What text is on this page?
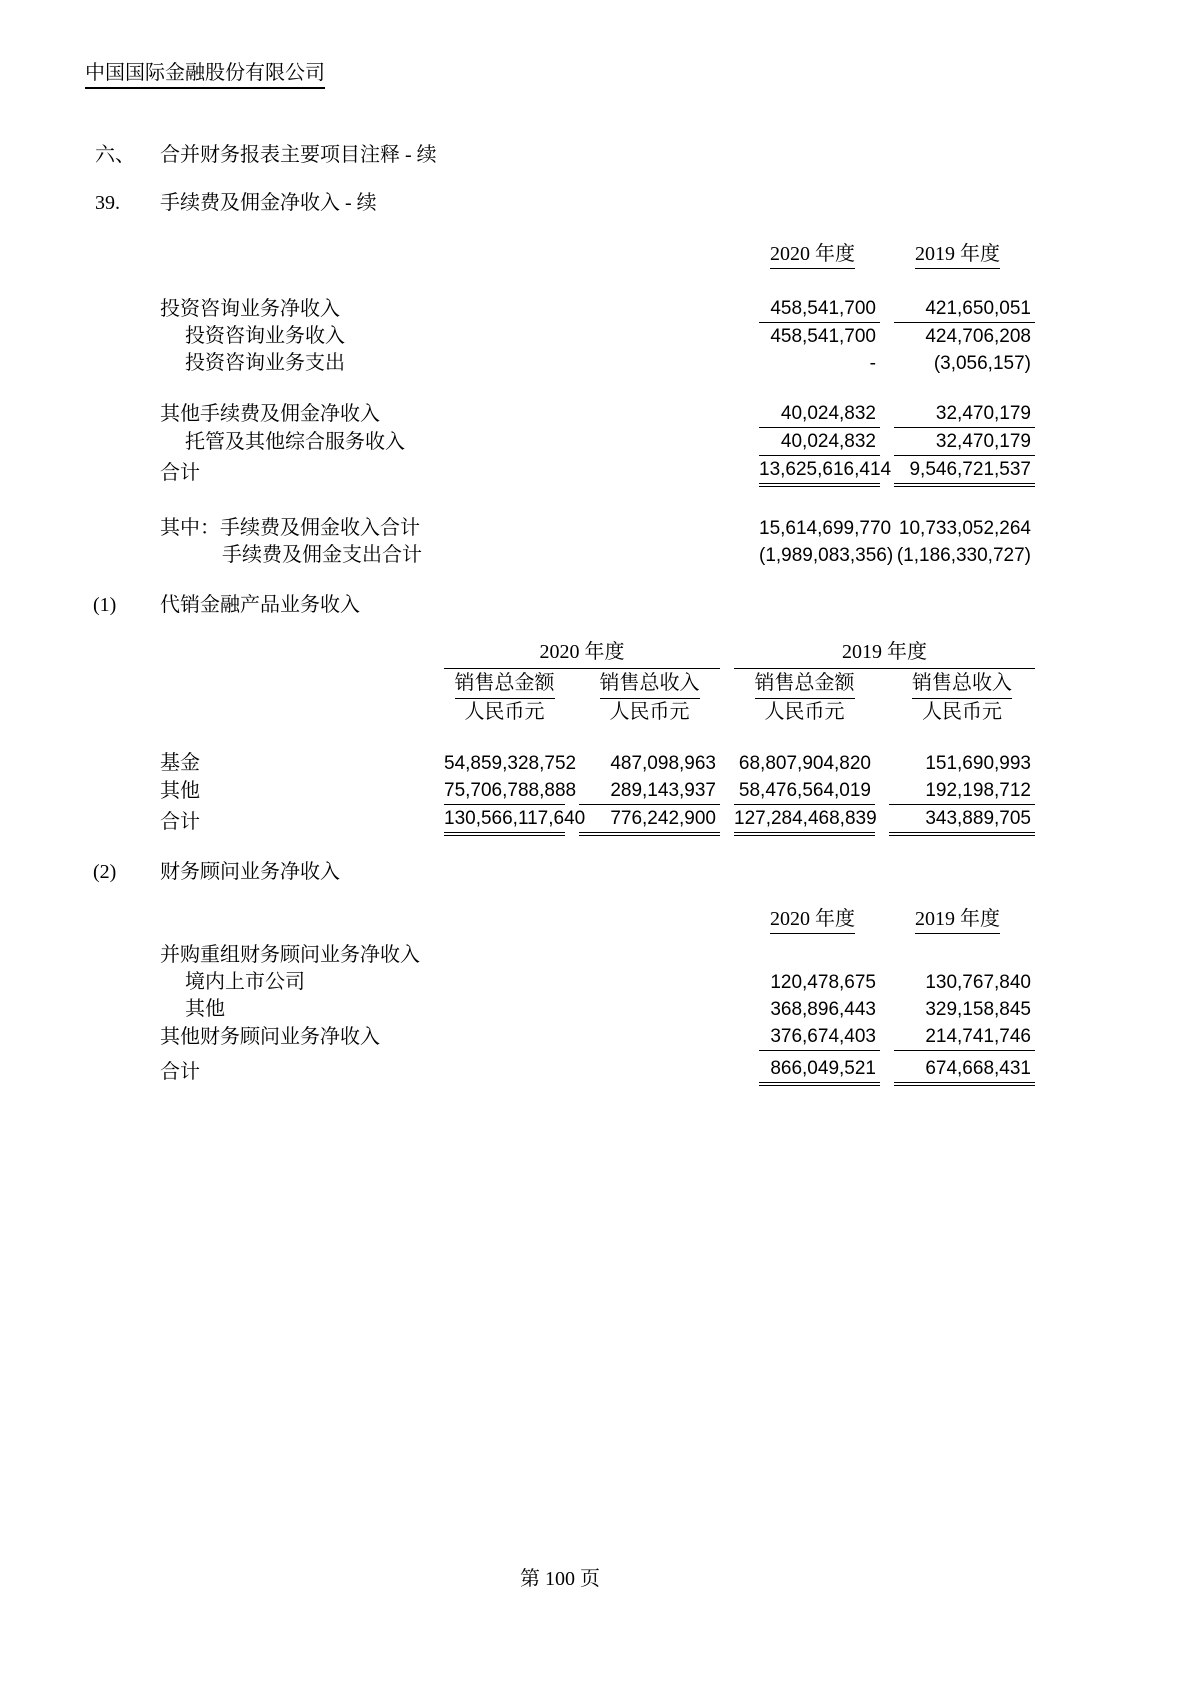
中国国际金融股份有限公司
六、 合并财务报表主要项目注释 - 续
39. 手续费及佣金净收入 - 续
	2020 年度	2019 年度

投资咨询业务净收入	458,541,700	421,650,051

投资咨询业务收入	458,541,700	424,706,208

投资咨询业务支出	-	(3,056,157)

其他手续费及佣金净收入	40,024,832	32,470,179

托管及其他综合服务收入	40,024,832	32,470,179

合计	13,625,616,414	9,546,721,537

其中：手续费及佣金收入合计	15,614,699,770	10,733,052,264

手续费及佣金支出合计	(1,989,083,356)	(1,186,330,727)
(1) 代销金融产品业务收入

	2020 年度		2019 年度	

	销售总金额	销售总收入	销售总金额	销售总收入
	人民币元	人民币元	人民币元	人民币元

基金	54,859,328,752	487,098,963	68,807,904,820	151,690,993

其他	75,706,788,888	289,143,937	58,476,564,019	192,198,712

合计	130,566,117,640	776,242,900	127,284,468,839	343,889,705
(2) 财务顾问业务净收入
	2020 年度	2019 年度

并购重组财务顾问业务净收入	

境内上市公司	120,478,675	130,767,840

其他	368,896,443	329,158,845

其他财务顾问业务净收入	376,674,403	214,741,746

合计	866,049,521	674,668,431
第 100 页
